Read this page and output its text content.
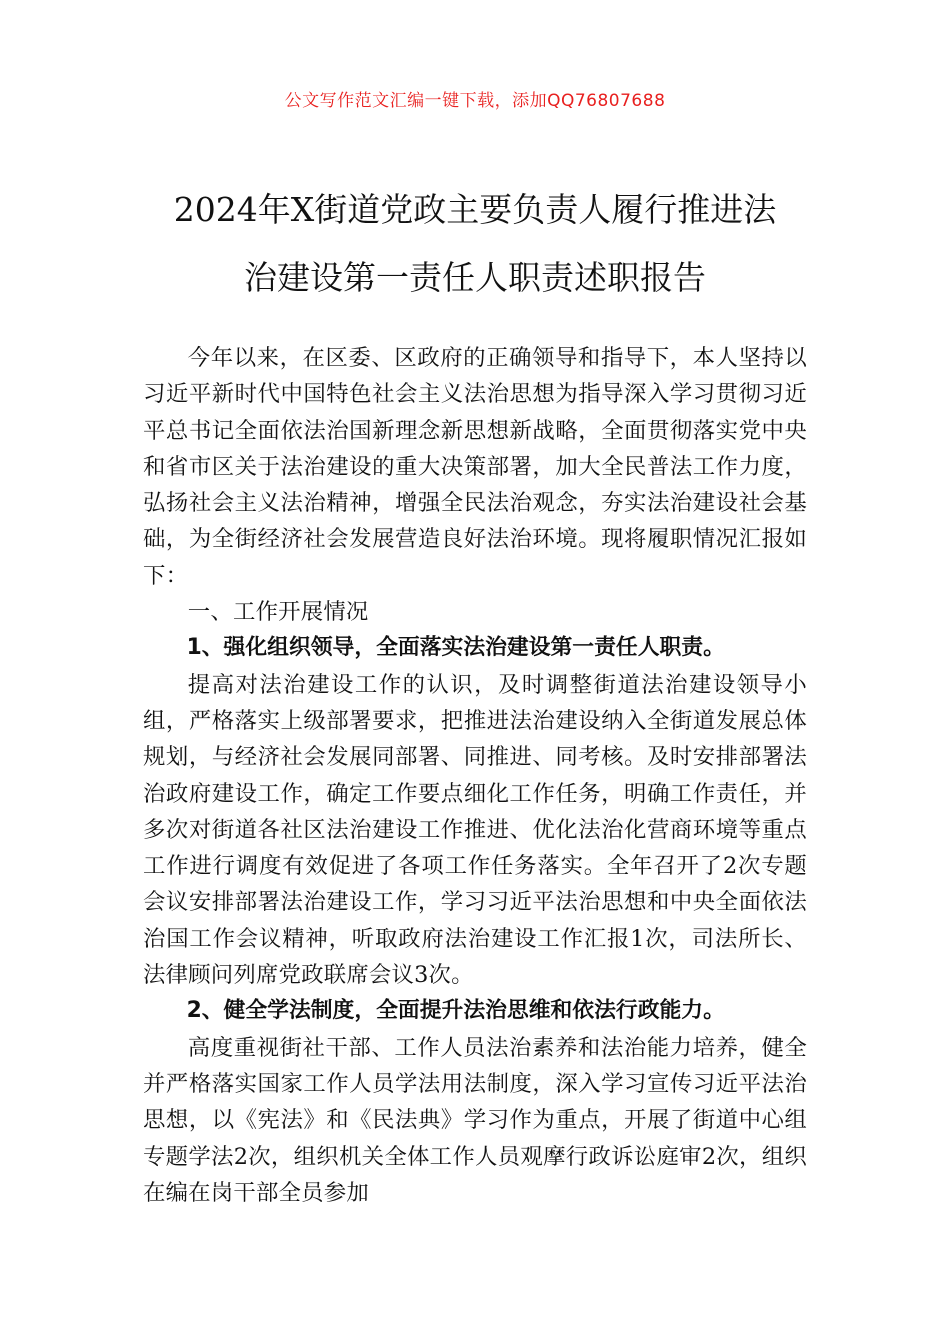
公文写作范文汇编一键下载，添加QQ76807688
2024年X街道党政主要负责人履行推进法
治建设第一责任人职责述职报告

今年以来，在区委、区政府的正确领导和指导下，本人坚持以习近平新时代中国特色社会主义法治思想为指导深入学习贯彻习近平总书记全面依法治国新理念新思想新战略，全面贯彻落实党中央和省市区关于法治建设的重大决策部署，加大全民普法工作力度，弘扬社会主义法治精神，增强全民法治观念，夯实法治建设社会基础，为全街经济社会发展营造良好法治环境。现将履职情况汇报如下：

一、工作开展情况

1、强化组织领导，全面落实法治建设第一责任人职责。

提高对法治建设工作的认识，及时调整街道法治建设领导小组，严格落实上级部署要求，把推进法治建设纳入全街道发展总体规划，与经济社会发展同部署、同推进、同考核。及时安排部署法治政府建设工作，确定工作要点细化工作任务，明确工作责任，并多次对街道各社区法治建设工作推进、优化法治化营商环境等重点工作进行调度有效促进了各项工作任务落实。全年召开了2次专题会议安排部署法治建设工作，学习习近平法治思想和中央全面依法治国工作会议精神，听取政府法治建设工作汇报1次，司法所长、法律顾问列席党政联席会议3次。

2、健全学法制度，全面提升法治思维和依法行政能力。

高度重视街社干部、工作人员法治素养和法治能力培养，健全并严格落实国家工作人员学法用法制度，深入学习宣传习近平法治思想，以《宪法》和《民法典》学习作为重点，开展了街道中心组专题学法2次，组织机关全体工作人员观摩行政诉讼庭审2次，组织在编在岗干部全员参加
